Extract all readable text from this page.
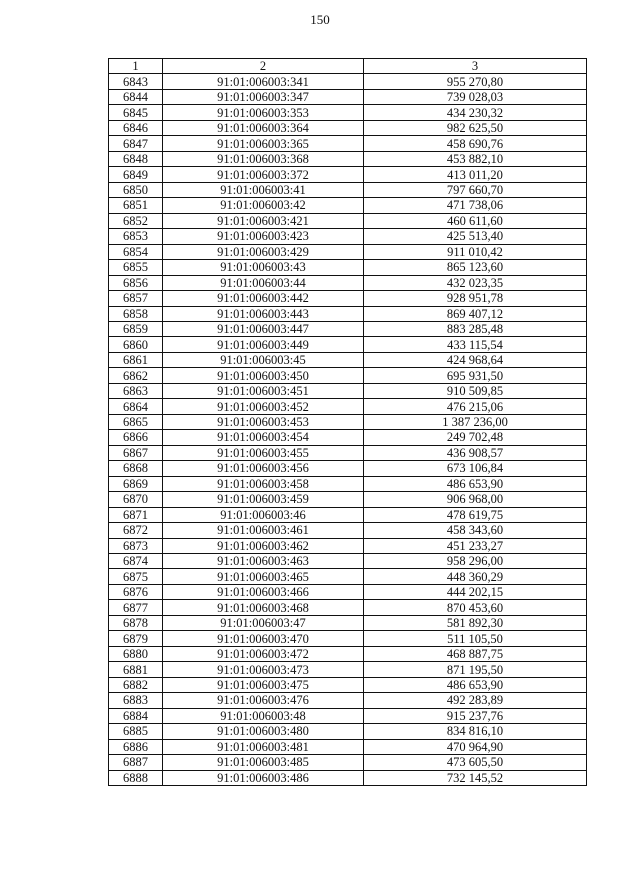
150
1	2	3
6843	91:01:006003:341	955 270,80
6844	91:01:006003:347	739 028,03
6845	91:01:006003:353	434 230,32
6846	91:01:006003:364	982 625,50
6847	91:01:006003:365	458 690,76
6848	91:01:006003:368	453 882,10
6849	91:01:006003:372	413 011,20
6850	91:01:006003:41	797 660,70
6851	91:01:006003:42	471 738,06
6852	91:01:006003:421	460 611,60
6853	91:01:006003:423	425 513,40
6854	91:01:006003:429	911 010,42
6855	91:01:006003:43	865 123,60
6856	91:01:006003:44	432 023,35
6857	91:01:006003:442	928 951,78
6858	91:01:006003:443	869 407,12
6859	91:01:006003:447	883 285,48
6860	91:01:006003:449	433 115,54
6861	91:01:006003:45	424 968,64
6862	91:01:006003:450	695 931,50
6863	91:01:006003:451	910 509,85
6864	91:01:006003:452	476 215,06
6865	91:01:006003:453	1 387 236,00
6866	91:01:006003:454	249 702,48
6867	91:01:006003:455	436 908,57
6868	91:01:006003:456	673 106,84
6869	91:01:006003:458	486 653,90
6870	91:01:006003:459	906 968,00
6871	91:01:006003:46	478 619,75
6872	91:01:006003:461	458 343,60
6873	91:01:006003:462	451 233,27
6874	91:01:006003:463	958 296,00
6875	91:01:006003:465	448 360,29
6876	91:01:006003:466	444 202,15
6877	91:01:006003:468	870 453,60
6878	91:01:006003:47	581 892,30
6879	91:01:006003:470	511 105,50
6880	91:01:006003:472	468 887,75
6881	91:01:006003:473	871 195,50
6882	91:01:006003:475	486 653,90
6883	91:01:006003:476	492 283,89
6884	91:01:006003:48	915 237,76
6885	91:01:006003:480	834 816,10
6886	91:01:006003:481	470 964,90
6887	91:01:006003:485	473 605,50
6888	91:01:006003:486	732 145,52
